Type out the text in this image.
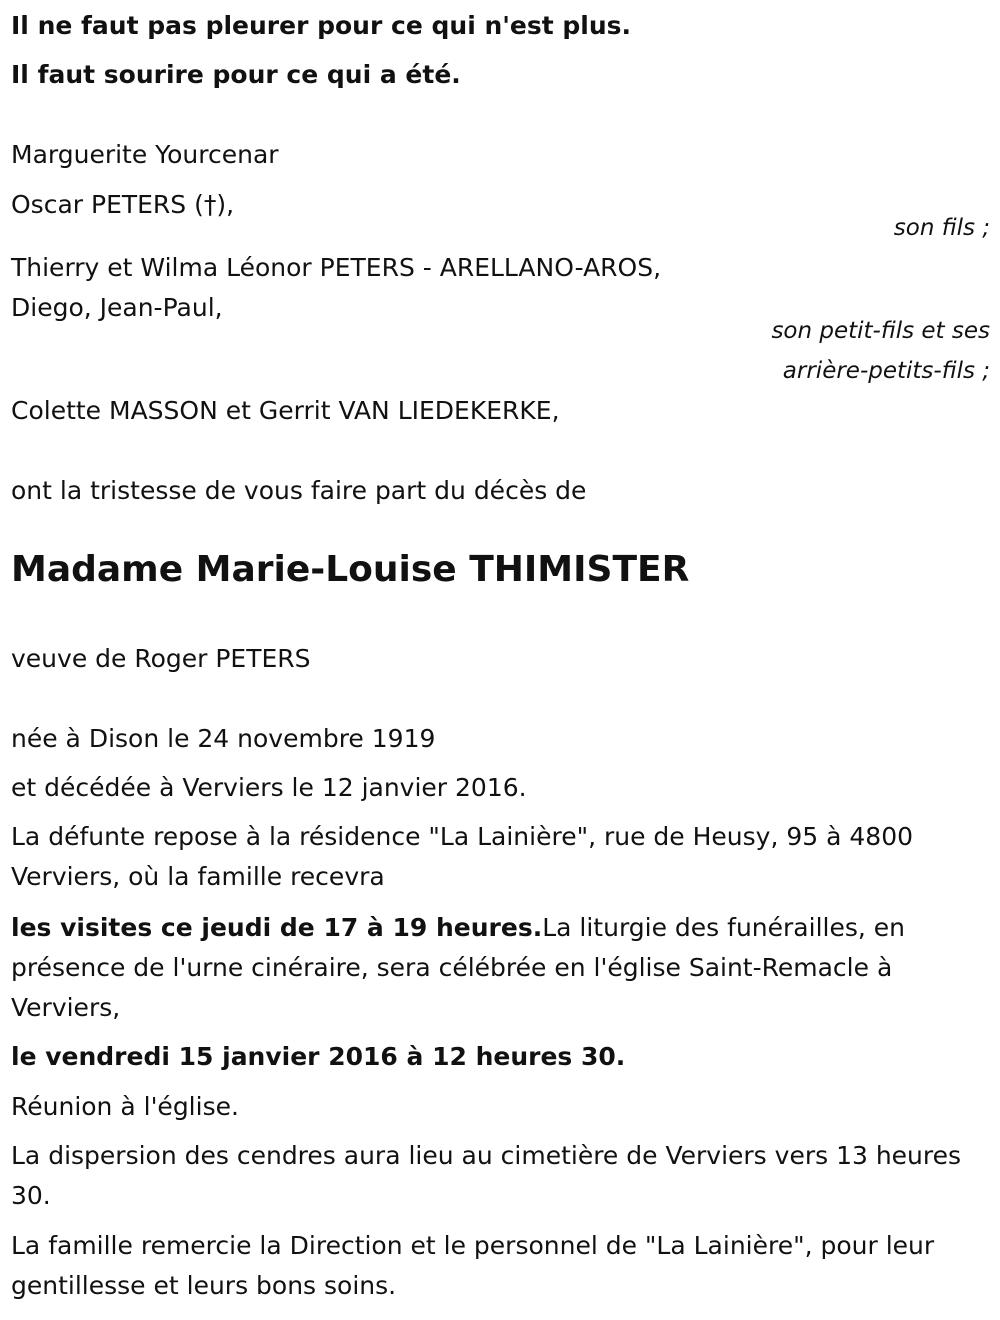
Il ne faut pas pleurer pour ce qui n'est plus.

Il faut sourire pour ce qui a été.

Marguerite Yourcenar

Oscar PETERS (†),

son fils ;

Thierry et Wilma Léonor PETERS - ARELLANO-AROS,

Diego, Jean-Paul,

son petit-fils et ses

arrière-petits-fils ;

Colette MASSON et Gerrit VAN LIEDEKERKE,

ont la tristesse de vous faire part du décès de

Madame Marie-Louise THIMISTER

veuve de Roger PETERS

née à Dison le 24 novembre 1919

et décédée à Verviers le 12 janvier 2016.

La défunte repose à la résidence "La Lainière", rue de Heusy, 95 à 4800 Verviers, où la famille recevra

les visites ce jeudi de 17 à 19 heures.La liturgie des funérailles, en présence de l'urne cinéraire, sera célébrée en l'église Saint-Remacle à Verviers,

le vendredi 15 janvier 2016 à 12 heures 30.

Réunion à l'église.

La dispersion des cendres aura lieu au cimetière de Verviers vers 13 heures 30.

La famille remercie la Direction et le personnel de "La Lainière", pour leur gentillesse et leurs bons soins.
